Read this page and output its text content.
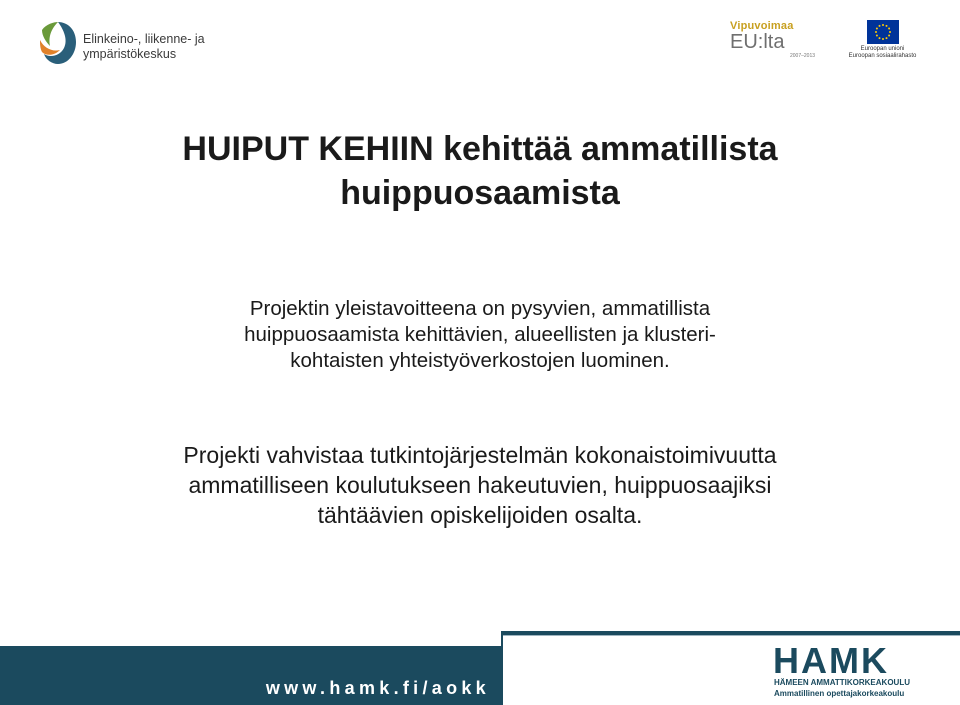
Elinkeino-, liikenne- ja
ympäristökeskus
Vipuvoimaa
EU:lta
2007–2013
Euroopan unioni
Euroopan sosiaalirahasto
HUIPUT KEHIIN kehittää ammatillista
huippuosaamista
Projektin yleistavoitteena on pysyvien, ammatillista
huippuosaamista kehittävien, alueellisten ja klusteri-
kohtaisten yhteistyöverkostojen luominen.
Projekti vahvistaa tutkintojärjestelmän kokonaistoimivuutta
ammatilliseen koulutukseen hakeutuvien, huippuosaajiksi
tähtäävien opiskelijoiden osalta.
www.hamk.fi/aokk
HAMK
HÄMEEN AMMATTIKORKEAKOULU
Ammatillinen opettajakorkeakoulu
